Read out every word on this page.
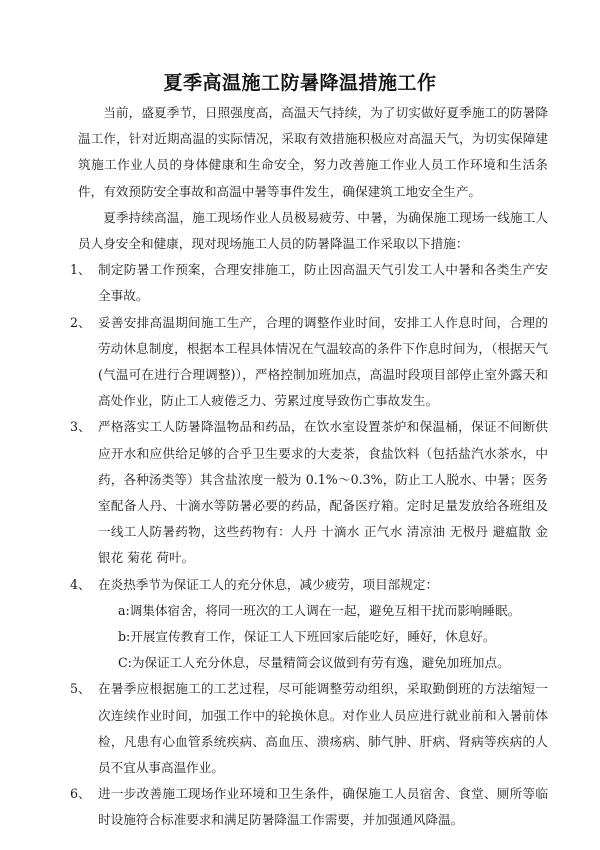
夏季高温施工防暑降温措施工作

当前，盛夏季节，日照强度高，高温天气持续，为了切实做好夏季施工的防暑降温工作，针对近期高温的实际情况，采取有效措施积极应对高温天气，为切实保障建筑施工作业人员的身体健康和生命安全，努力改善施工作业人员工作环境和生活条件，有效预防安全事故和高温中暑等事件发生，确保建筑工地安全生产。

夏季持续高温，施工现场作业人员极易疲劳、中暑，为确保施工现场一线施工人员人身安全和健康，现对现场施工人员的防暑降温工作采取以下措施：

1、 制定防暑工作预案，合理安排施工，防止因高温天气引发工人中暑和各类生产安全事故。
2、 妥善安排高温期间施工生产，合理的调整作业时间，安排工人作息时间，合理的劳动休息制度，根据本工程具体情况在气温较高的条件下作息时间为，（根据天气(气温可在进行合理调整)），严格控制加班加点，高温时段项目部停止室外露天和高处作业，防止工人疲倦乏力、劳累过度导致伤亡事故发生。
3、 严格落实工人防暑降温物品和药品，在饮水室设置茶炉和保温桶，保证不间断供应开水和应供给足够的合乎卫生要求的大麦茶，食盐饮料（包括盐汽水茶水，中药，各种汤类等）其含盐浓度一般为 0.1%～0.3%，防止工人脱水、中暑；医务室配备人丹、十滴水等防暑必要的药品，配备医疗箱。定时足量发放给各班组及一线工人防暑药物，这些药物有：人丹 十滴水 正气水 清凉油 无极丹 避瘟散 金银花 菊花 荷叶。
4、 在炎热季节为保证工人的充分休息，减少疲劳，项目部规定：

a:调集体宿舍，将同一班次的工人调在一起，避免互相干扰而影响睡眠。

b:开展宣传教育工作，保证工人下班回家后能吃好，睡好，休息好。

C:为保证工人充分休息，尽量精简会议做到有劳有逸，避免加班加点。

5、 在暑季应根据施工的工艺过程，尽可能调整劳动组织，采取勤倒班的方法缩短一次连续作业时间，加强工作中的轮换休息。对作业人员应进行就业前和入暑前体检，凡患有心血管系统疾病、高血压、溃疡病、肺气肿、肝病、肾病等疾病的人员不宜从事高温作业。
6、 进一步改善施工现场作业环境和卫生条件，确保施工人员宿舍、食堂、厕所等临时设施符合标准要求和满足防暑降温工作需要，并加强通风降温。
